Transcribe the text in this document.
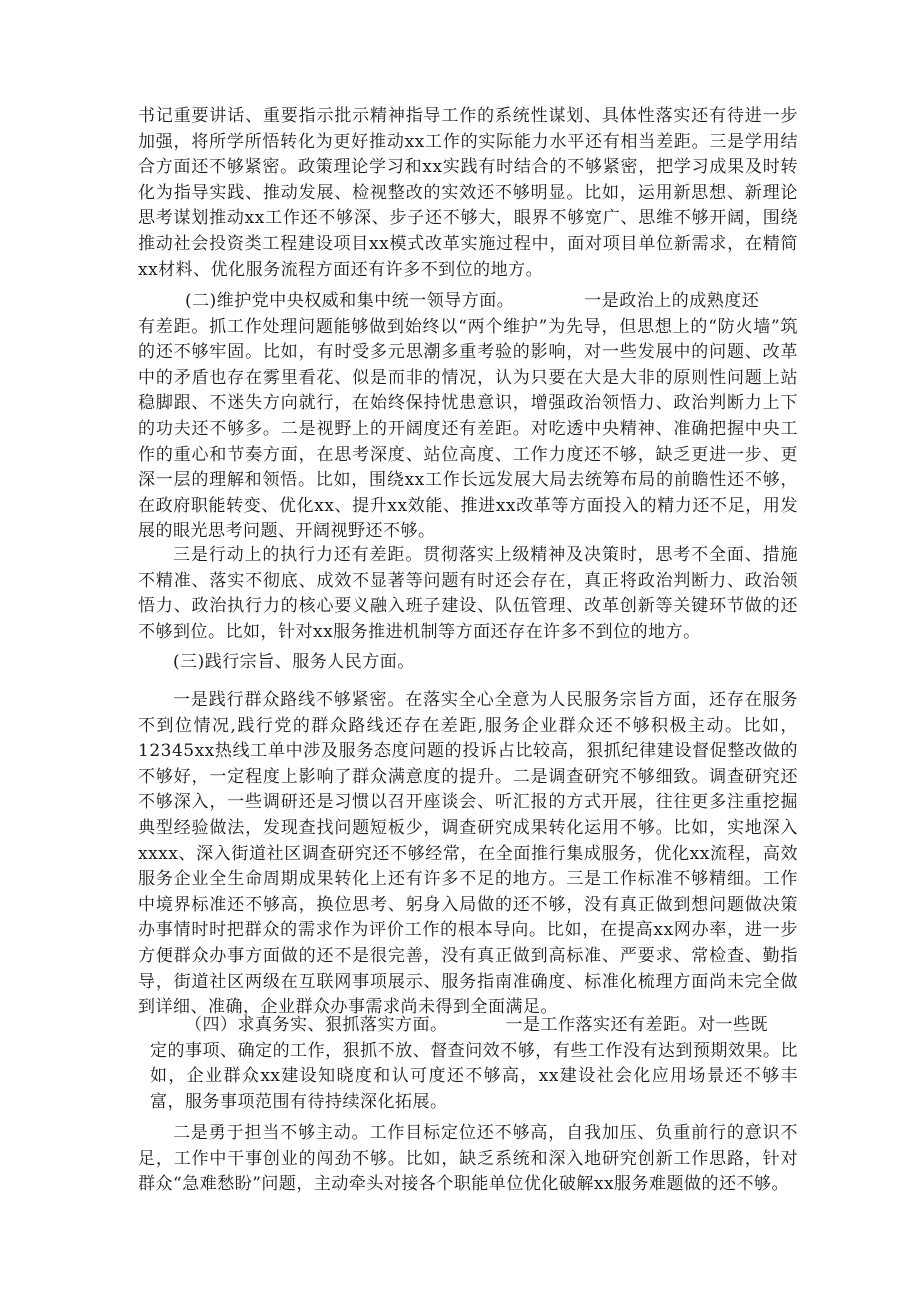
书记重要讲话、重要指示批示精神指导工作的系统性谋划、具体性落实还有待进一步加强，将所学所悟转化为更好推动xx工作的实际能力水平还有相当差距。三是学用结合方面还不够紧密。政策理论学习和xx实践有时结合的不够紧密，把学习成果及时转化为指导实践、推动发展、检视整改的实效还不够明显。比如，运用新思想、新理论思考谋划推动xx工作还不够深、步子还不够大，眼界不够宽广、思维不够开阔，围绕推动社会投资类工程建设项目xx模式改革实施过程中，面对项目单位新需求，在精简xx材料、优化服务流程方面还有许多不到位的地方。

(二)维护党中央权威和集中统一领导方面。	一是政治上的成熟度还
有差距。抓工作处理问题能够做到始终以“两个维护”为先导，但思想上的“防火墙”筑的还不够牢固。比如，有时受多元思潮多重考验的影响，对一些发展中的问题、改革中的矛盾也存在雾里看花、似是而非的情况，认为只要在大是大非的原则性问题上站稳脚跟、不迷失方向就行，在始终保持忧患意识，增强政治领悟力、政治判断力上下的功夫还不够多。二是视野上的开阔度还有差距。对吃透中央精神、准确把握中央工作的重心和节奏方面，在思考深度、站位高度、工作力度还不够，缺乏更进一步、更深一层的理解和领悟。比如，围绕xx工作长远发展大局去统筹布局的前瞻性还不够，在政府职能转变、优化xx、提升xx效能、推进xx改革等方面投入的精力还不足，用发展的眼光思考问题、开阔视野还不够。

三是行动上的执行力还有差距。贯彻落实上级精神及决策时，思考不全面、措施不精准、落实不彻底、成效不显著等问题有时还会存在，真正将政治判断力、政治领悟力、政治执行力的核心要义融入班子建设、队伍管理、改革创新等关键环节做的还不够到位。比如，针对xx服务推进机制等方面还存在许多不到位的地方。

(三)践行宗旨、服务人民方面。

一是践行群众路线不够紧密。在落实全心全意为人民服务宗旨方面，还存在服务不到位情况,践行党的群众路线还存在差距,服务企业群众还不够积极主动。比如，12345xx热线工单中涉及服务态度问题的投诉占比较高，狠抓纪律建设督促整改做的不够好，一定程度上影响了群众满意度的提升。二是调查研究不够细致。调查研究还不够深入，一些调研还是习惯以召开座谈会、听汇报的方式开展，往往更多注重挖掘典型经验做法，发现查找问题短板少，调查研究成果转化运用不够。比如，实地深入xxxx、深入街道社区调查研究还不够经常，在全面推行集成服务，优化xx流程，高效服务企业全生命周期成果转化上还有许多不足的地方。三是工作标准不够精细。工作中境界标准还不够高，换位思考、躬身入局做的还不够，没有真正做到想问题做决策办事情时时把群众的需求作为评价工作的根本导向。比如，在提高xx网办率，进一步方便群众办事方面做的还不是很完善，没有真正做到高标准、严要求、常检查、勤指导，街道社区两级在互联网事项展示、服务指南准确度、标准化梳理方面尚未完全做到详细、准确，企业群众办事需求尚未得到全面满足。

（四）求真务实、狠抓落实方面。	一是工作落实还有差距。对一些既
定的事项、确定的工作，狠抓不放、督查问效不够，有些工作没有达到预期效果。比如，企业群众xx建设知晓度和认可度还不够高，xx建设社会化应用场景还不够丰富，服务事项范围有待持续深化拓展。

二是勇于担当不够主动。工作目标定位还不够高，自我加压、负重前行的意识不足，工作中干事创业的闯劲不够。比如，缺乏系统和深入地研究创新工作思路，针对群众“急难愁盼”问题，主动牵头对接各个职能单位优化破解xx服务难题做的还不够。
